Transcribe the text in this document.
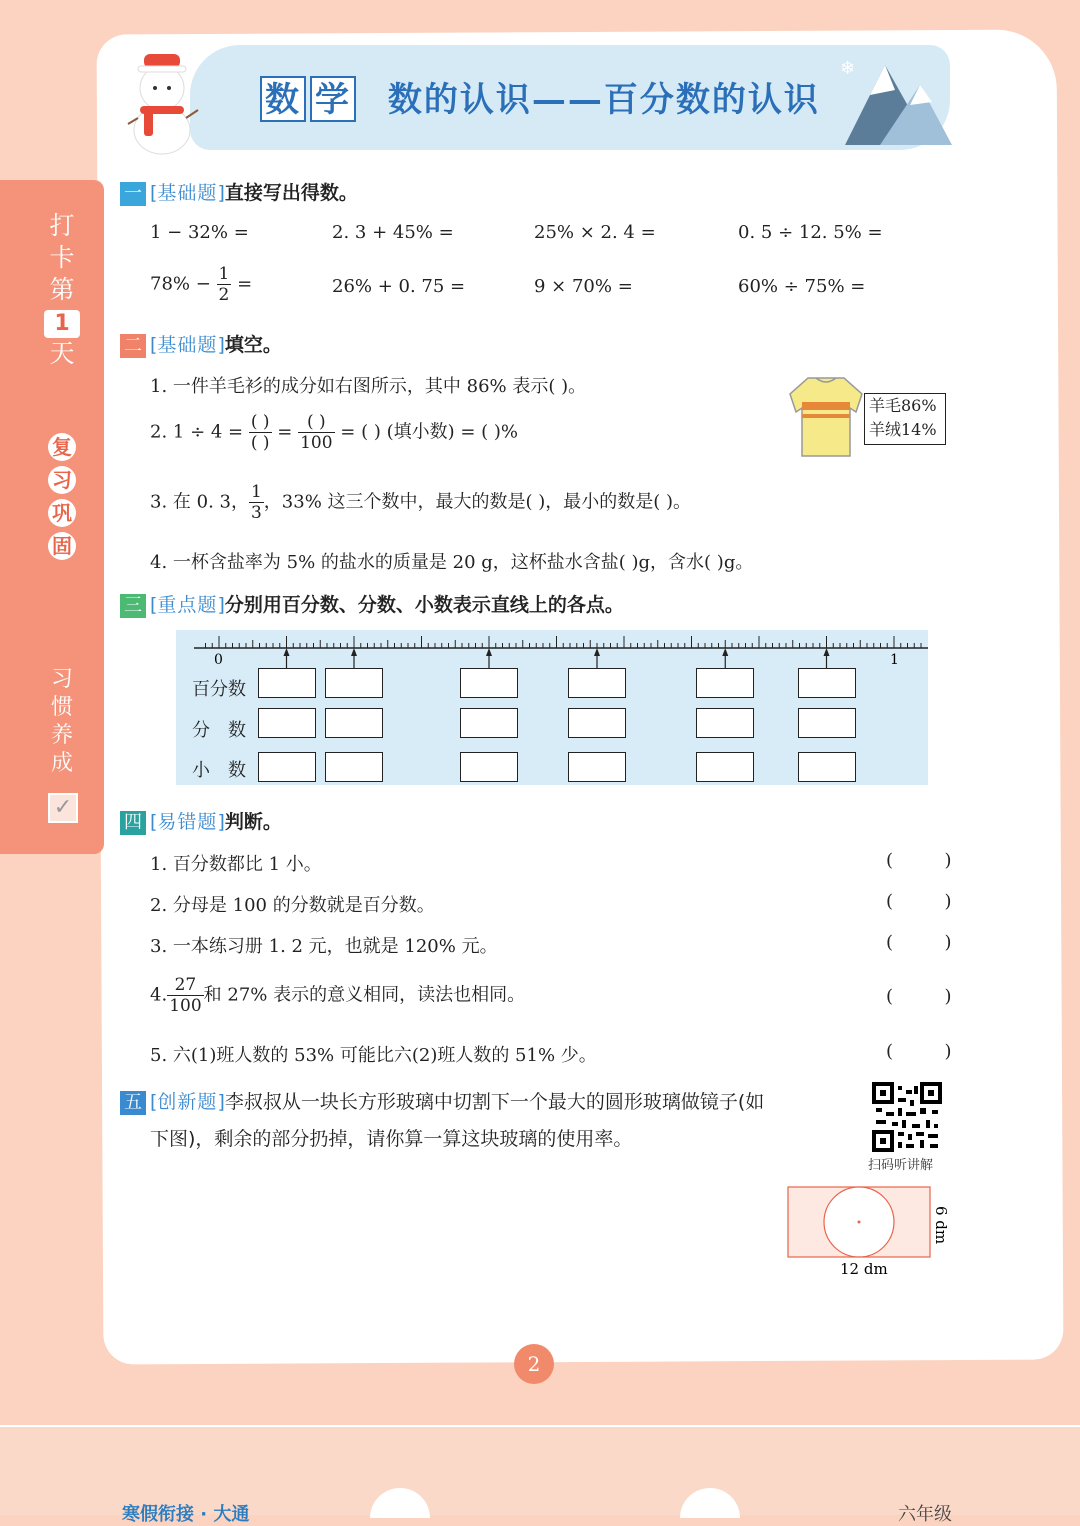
寒假衔接 · 大通	六年级
2
打
卡
第
1
天
复
习
巩
固
习
惯
养
成
✓
❄
数 学 数的认识——百分数的认识
一 [基础题]直接写出得数。
1 − 32% =	2. 3 + 45% =	25% × 2. 4 =	0. 5 ÷ 12. 5% =
$78\% - \frac{1}{2}$ =	26% + 0. 75 =	9 × 70% =	60% ÷ 75% =
二 [基础题]填空。
1. 一件羊毛衫的成分如右图所示，其中 86% 表示( )。
2. $1 \div 4 = \frac{( )}{( )} = \frac{( )}{100}$ = ( ) (填小数) = ( )%
3. 在 0. 3， $\frac{1}{3}$ ，33% 这三个数中，最大的数是( )，最小的数是( )。
4. 一杯含盐率为 5% 的盐水的质量是 20 g，这杯盐水含盐( )g，含水( )g。
羊毛86%
羊绒14%
三 [重点题]分别用百分数、分数、小数表示直线上的各点。
0	1
百分数
分　数
小　数
四 [易错题]判断。
1. 百分数都比 1 小。
2. 分母是 100 的分数就是百分数。
3. 一本练习册 1. 2 元，也就是 120% 元。
4. $\frac{27}{100}$ 和 27% 表示的意义相同，读法也相同。
5. 六(1)班人数的 53% 可能比六(2)班人数的 51% 少。
(         )
(         )
(         )
(         )
(         )
五 [创新题]李叔叔从一块长方形玻璃中切割下一个最大的圆形玻璃做镜子(如
下图)，剩余的部分扔掉，请你算一算这块玻璃的使用率。
扫码听讲解
12 dm
6 dm
